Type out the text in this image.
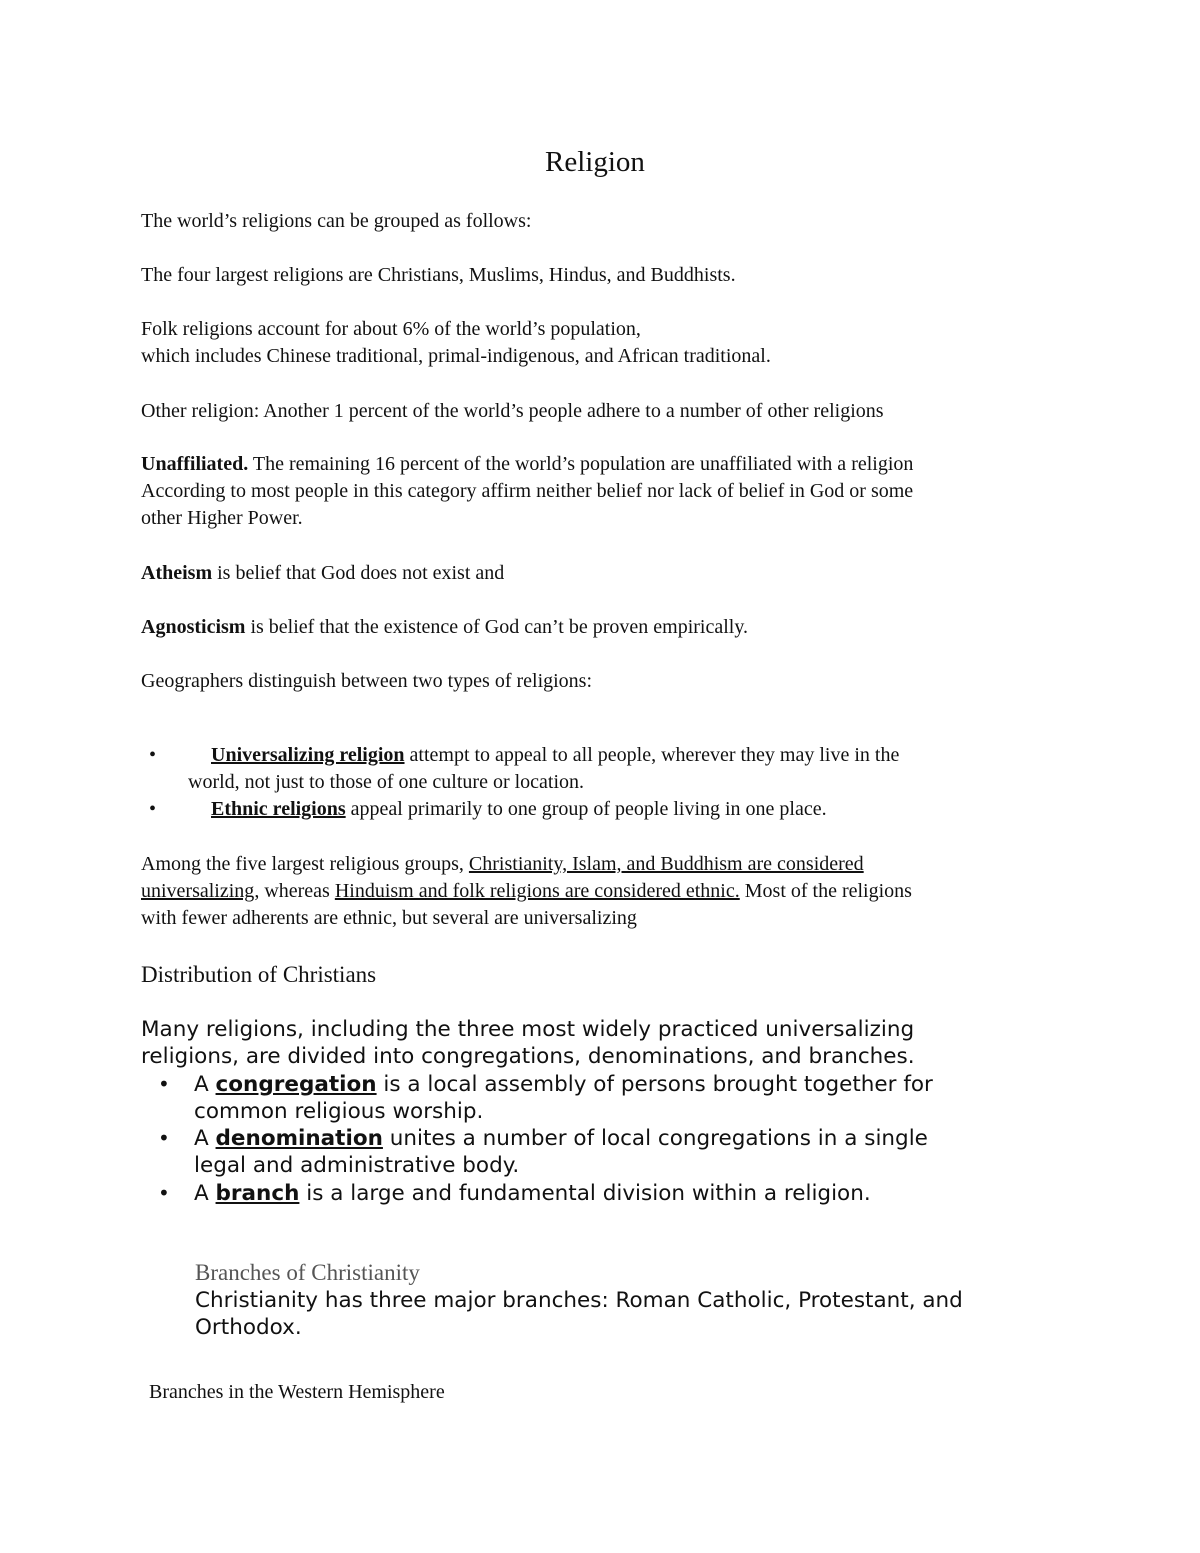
Religion
The world’s religions can be grouped as follows:
The four largest religions are Christians, Muslims, Hindus, and Buddhists.
Folk religions account for about 6% of the world’s population,
which includes Chinese traditional, primal-indigenous, and African traditional.
Other religion: Another 1 percent of the world’s people adhere to a number of other religions
Unaffiliated. The remaining 16 percent of the world’s population are unaffiliated with a religion
According to most people in this category affirm neither belief nor lack of belief in God or some
other Higher Power.
Atheism is belief that God does not exist and
Agnosticism is belief that the existence of God can’t be proven empirically.
Geographers distinguish between two types of religions:
•	Universalizing religion attempt to appeal to all people, wherever they may live in the
world, not just to those of one culture or location.
•	Ethnic religions appeal primarily to one group of people living in one place.
Among the five largest religious groups, Christianity, Islam, and Buddhism are considered
universalizing, whereas Hinduism and folk religions are considered ethnic. Most of the religions
with fewer adherents are ethnic, but several are universalizing
Distribution of Christians
Many religions, including the three most widely practiced universalizing
religions, are divided into congregations, denominations, and branches.
• A congregation is a local assembly of persons brought together for
common religious worship.
• A denomination unites a number of local congregations in a single
legal and administrative body.
• A branch is a large and fundamental division within a religion.
Branches of Christianity
Christianity has three major branches: Roman Catholic, Protestant, and
Orthodox.
Branches in the Western Hemisphere
